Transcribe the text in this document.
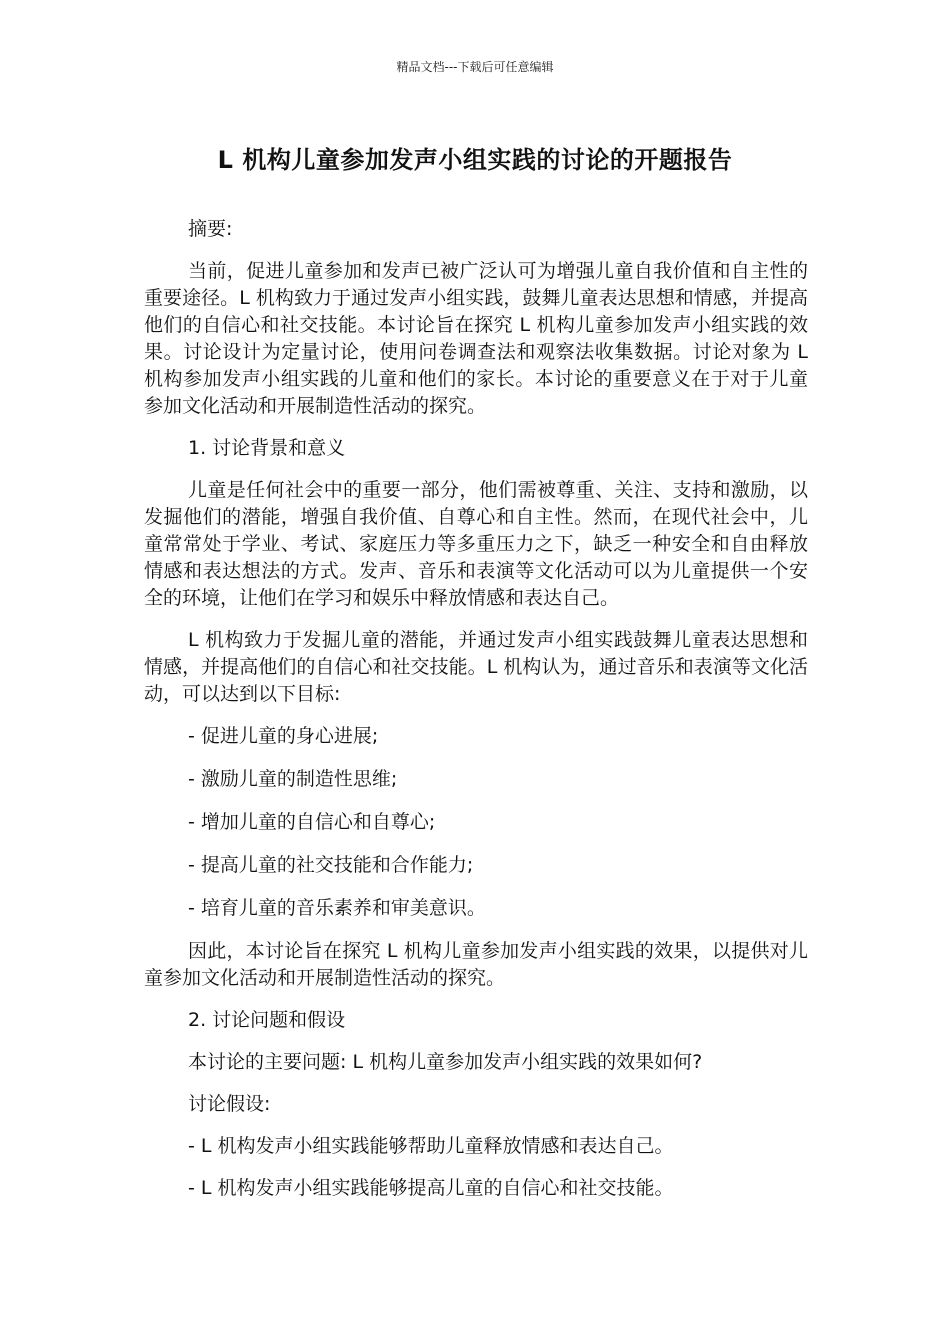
精品文档---下载后可任意编辑
L 机构儿童参加发声小组实践的讨论的开题报告

摘要:

当前，促进儿童参加和发声已被广泛认可为增强儿童自我价值和自主性的重要途径。L 机构致力于通过发声小组实践，鼓舞儿童表达思想和情感，并提高他们的自信心和社交技能。本讨论旨在探究 L 机构儿童参加发声小组实践的效果。讨论设计为定量讨论，使用问卷调查法和观察法收集数据。讨论对象为 L 机构参加发声小组实践的儿童和他们的家长。本讨论的重要意义在于对于儿童参加文化活动和开展制造性活动的探究。

1. 讨论背景和意义

儿童是任何社会中的重要一部分，他们需被尊重、关注、支持和激励，以发掘他们的潜能，增强自我价值、自尊心和自主性。然而，在现代社会中，儿童常常处于学业、考试、家庭压力等多重压力之下，缺乏一种安全和自由释放情感和表达想法的方式。发声、音乐和表演等文化活动可以为儿童提供一个安全的环境，让他们在学习和娱乐中释放情感和表达自己。

L 机构致力于发掘儿童的潜能，并通过发声小组实践鼓舞儿童表达思想和情感，并提高他们的自信心和社交技能。L 机构认为，通过音乐和表演等文化活动，可以达到以下目标:

- 促进儿童的身心进展;

- 激励儿童的制造性思维;

- 增加儿童的自信心和自尊心;

- 提高儿童的社交技能和合作能力;

- 培育儿童的音乐素养和审美意识。

因此，本讨论旨在探究 L 机构儿童参加发声小组实践的效果，以提供对儿童参加文化活动和开展制造性活动的探究。

2. 讨论问题和假设

本讨论的主要问题: L 机构儿童参加发声小组实践的效果如何?

讨论假设:

- L 机构发声小组实践能够帮助儿童释放情感和表达自己。

- L 机构发声小组实践能够提高儿童的自信心和社交技能。
